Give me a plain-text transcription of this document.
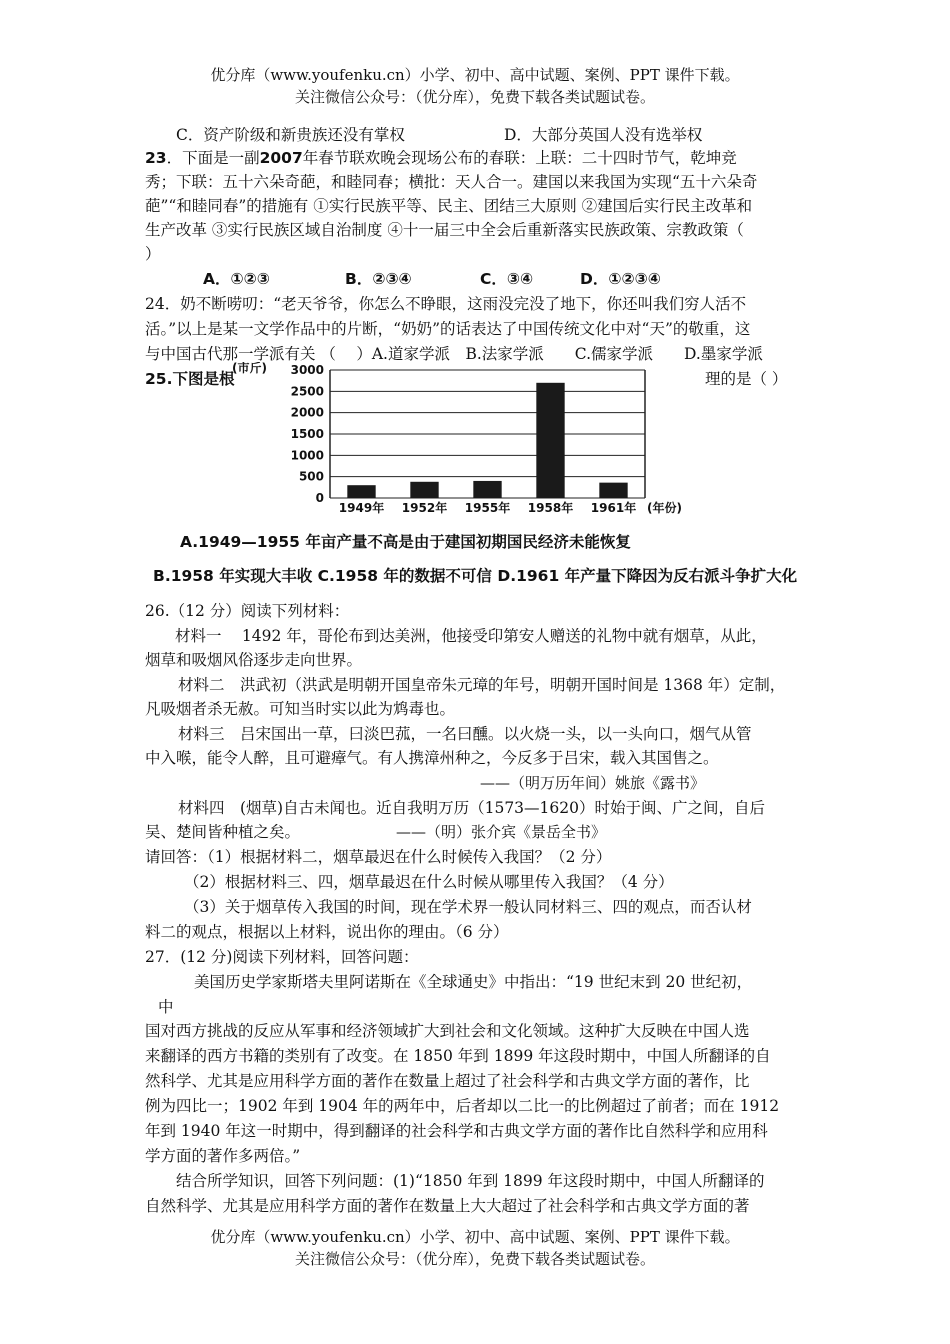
优分库（www.youfenku.cn）小学、初中、高中试题、案例、PPT 课件下载。
关注微信公众号：（优分库），免费下载各类试题试卷。
C．资产阶级和新贵族还没有掌权	D．大部分英国人没有选举权
23．下面是一副2007年春节联欢晚会现场公布的春联：上联：二十四时节气，乾坤竞
秀；下联：五十六朵奇葩，和睦同春；横批：天人合一。建国以来我国为实现“五十六朵奇
葩”“和睦同春”的措施有 ①实行民族平等、民主、团结三大原则 ②建国后实行民主改革和
生产改革 ③实行民族区域自治制度 ④十一届三中全会后重新落实民族政策、宗教政策（
）
A．①②③	B．②③④	C．③④	D．①②③④
24．奶不断唠叨：“老天爷爷，你怎么不睁眼，这雨没完没了地下，你还叫我们穷人活不
活。”以上是某一文学作品中的片断，“奶奶”的话表达了中国传统文化中对“天”的敬重，这
与中国古代那一学派有关 （　 ）A.道家学派　B.法家学派　　C.儒家学派　　D.墨家学派
25.下图是根	理的是（ ）
0
500
1000
1500
2000
2500
3000
1949年 1952年 1955年 1958年 1961年
(市斤)
(年份)
A.1949—1955 年亩产量不高是由于建国初期国民经济未能恢复
B.1958 年实现大丰收 C.1958 年的数据不可信 D.1961 年产量下降因为反右派斗争扩大化
26.（12 分）阅读下列材料：
材料一　 1492 年，哥伦布到达美洲，他接受印第安人赠送的礼物中就有烟草，从此，
烟草和吸烟风俗逐步走向世界。
材料二　洪武初（洪武是明朝开国皇帝朱元璋的年号，明朝开国时间是 1368 年）定制，
凡吸烟者杀无赦。可知当时实以此为鸩毒也。
材料三　吕宋国出一草，曰淡巴菰，一名曰醺。以火烧一头，以一头向口，烟气从管
中入喉，能令人醉，且可避瘴气。有人携漳州种之，今反多于吕宋，载入其国售之。
——（明万历年间）姚旅《露书》
材料四　(烟草)自古未闻也。近自我明万历（1573—1620）时始于闽、广之间，自后
吴、楚间皆种植之矣。	——（明）张介宾《景岳全书》
请回答：（1）根据材料二，烟草最迟在什么时候传入我国？（2 分）
（2）根据材料三、四，烟草最迟在什么时候从哪里传入我国？（4 分）
（3）关于烟草传入我国的时间，现在学术界一般认同材料三、四的观点，而否认材
料二的观点，根据以上材料，说出你的理由。（6 分）
27．(12 分)阅读下列材料，回答问题：
美国历史学家斯塔夫里阿诺斯在《全球通史》中指出：“19 世纪末到 20 世纪初，
中
国对西方挑战的反应从军事和经济领域扩大到社会和文化领域。这种扩大反映在中国人选
来翻译的西方书籍的类别有了改变。在 1850 年到 1899 年这段时期中，中国人所翻译的自
然科学、尤其是应用科学方面的著作在数量上超过了社会科学和古典文学方面的著作，比
例为四比一；1902 年到 1904 年的两年中，后者却以二比一的比例超过了前者；而在 1912
年到 1940 年这一时期中，得到翻译的社会科学和古典文学方面的著作比自然科学和应用科
学方面的著作多两倍。”
结合所学知识，回答下列问题：(1)“1850 年到 1899 年这段时期中，中国人所翻译的
自然科学、尤其是应用科学方面的著作在数量上大大超过了社会科学和古典文学方面的著
优分库（www.youfenku.cn）小学、初中、高中试题、案例、PPT 课件下载。
关注微信公众号：（优分库），免费下载各类试题试卷。
